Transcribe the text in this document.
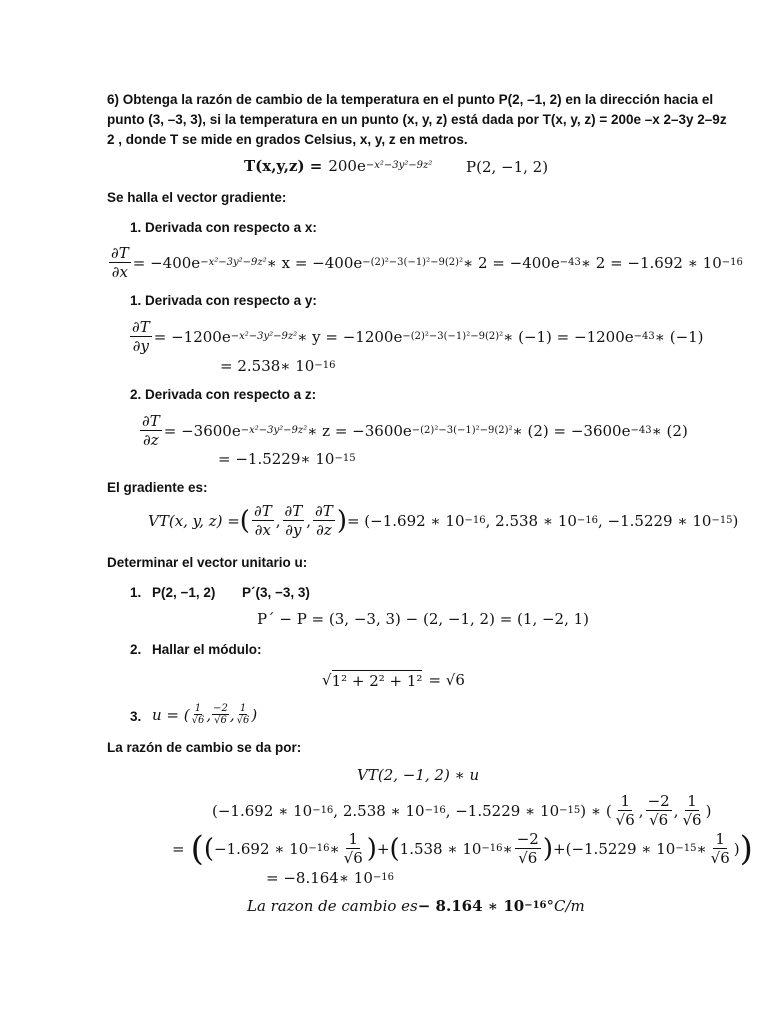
6) Obtenga la razón de cambio de la temperatura en el punto P(2, –1, 2) en la dirección hacia el
punto (3, –3, 3), si la temperatura en un punto (x, y, z) está dada por T(x, y, z) = 200e –x 2–3y 2–9z
2 , donde T se mide en grados Celsius, x, y, z en metros.
T(x,y,z) = 200e −x²−3y²−9z² P(2, −1, 2)
Se halla el vector gradiente:
1. Derivada con respecto a x:
$\frac{\partial T}{\partial x} = -400e -x^2-3y^2-9z^2$ ∗ x = −400e −(2)²−3(−1)²−9(2)² ∗ 2 = −400e −43 ∗ 2 = −1.692 ∗ 10 −16
1. Derivada con respecto a y:
$\frac{\partial T}{\partial y} = -1200e -x^2-3y^2-9z^2$ ∗ y = −1200e −(2)²−3(−1)²−9(2)² ∗ (−1) = −1200e −43 ∗ (−1)
= 2.538∗ 10 −16
2. Derivada con respecto a z:
$\frac{\partial T}{\partial z} = -3600e -x^2-3y^2-9z^2$ ∗ z = −3600e −(2)²−3(−1)²−9(2)² ∗ (2) = −3600e −43 ∗ (2)
= −1.5229∗ 10 −15
El gradiente es:
VT(x, y, z) = ( $\frac{\partial T}{\partial x}$ , $\frac{\partial T}{\partial y}$ , $\frac{\partial T}{\partial z}$ ) = (−1.692 ∗ 10 −16 , 2.538 ∗ 10 −16 , −1.5229 ∗ 10 −15 )
Determinar el vector unitario u:
1. P(2, −1, 2) P´(3, −3, 3)
P´ − P = (3, −3, 3) − (2, −1, 2) = (1, −2, 1)
2. Hallar el módulo:
√ 1² + 2² + 1² = √6
3. u = ( $\frac{1}{√6}$ , $\frac{-2}{√6}$ , $\frac{1}{√6}$ )
La razón de cambio se da por:
VT(2, −1, 2) ∗ u
(−1.692 ∗ 10 −16 , 2.538 ∗ 10 −16 , −1.5229 ∗ 10 −15 ) ∗ ( $\frac{1}{√6}$ , $\frac{-2}{√6}$ , $\frac{1}{√6}$ )
= ( ( −1.692 ∗ 10 −16 ∗ $\frac{1}{√6}$ ) + ( 1.538 ∗ 10 −16 ∗ $\frac{-2}{√6}$ ) + (−1.5229 ∗ 10 −15 ∗ $\frac{1}{√6}$ ) )
= −8.164∗ 10 −16
La razon de cambio es − 8.164 ∗ 10 −16 °C/m
